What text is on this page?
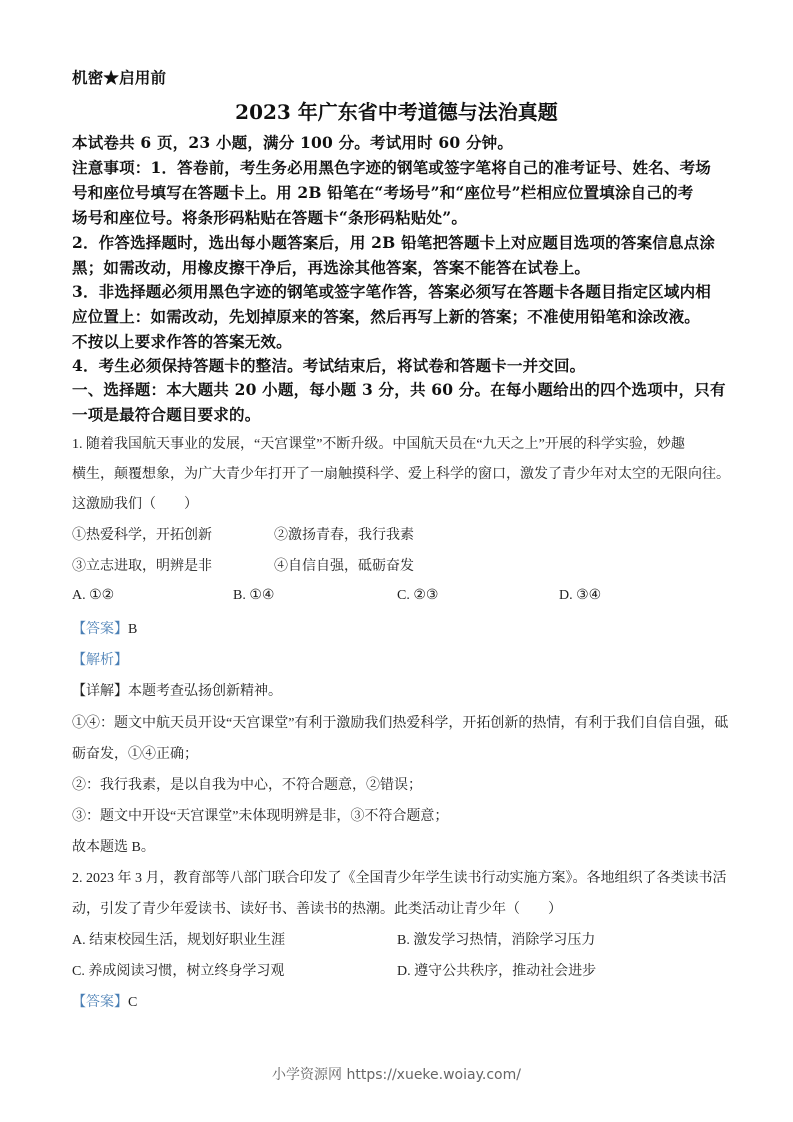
机密★启用前
2023 年广东省中考道德与法治真题
本试卷共 6 页，23 小题，满分 100 分。考试用时 60 分钟。
注意事项：1．答卷前，考生务必用黑色字迹的钢笔或签字笔将自己的准考证号、姓名、考场
号和座位号填写在答题卡上。用 2B 铅笔在“考场号”和“座位号”栏相应位置填涂自己的考
场号和座位号。将条形码粘贴在答题卡“条形码粘贴处”。
2．作答选择题时，选出每小题答案后，用 2B 铅笔把答题卡上对应题目选项的答案信息点涂
黑；如需改动，用橡皮擦干净后，再选涂其他答案，答案不能答在试卷上。
3．非选择题必须用黑色字迹的钢笔或签字笔作答，答案必须写在答题卡各题目指定区域内相
应位置上：如需改动，先划掉原来的答案，然后再写上新的答案；不准使用铅笔和涂改液。
不按以上要求作答的答案无效。
4．考生必须保持答题卡的整洁。考试结束后，将试卷和答题卡一并交回。
一、选择题：本大题共 20 小题，每小题 3 分，共 60 分。在每小题给出的四个选项中，只有
一项是最符合题目要求的。
1. 随着我国航天事业的发展，“天宫课堂”不断升级。中国航天员在“九天之上”开展的科学实验，妙趣
横生，颠覆想象，为广大青少年打开了一扇触摸科学、爱上科学的窗口，激发了青少年对太空的无限向往。
这激励我们（　　）
①热爱科学，开拓创新	②激扬青春，我行我素
③立志进取，明辨是非	④自信自强，砥砺奋发
A. ①②	B. ①④	C. ②③	D. ③④
【答案】B
【解析】
【详解】本题考查弘扬创新精神。
①④：题文中航天员开设“天宫课堂”有利于激励我们热爱科学，开拓创新的热情，有利于我们自信自强，砥
砺奋发，①④正确；
②：我行我素，是以自我为中心，不符合题意，②错误；
③：题文中开设“天宫课堂”未体现明辨是非，③不符合题意；
故本题选 B。
2. 2023 年 3 月，教育部等八部门联合印发了《全国青少年学生读书行动实施方案》。各地组织了各类读书活
动，引发了青少年爱读书、读好书、善读书的热潮。此类活动让青少年（　　）
A. 结束校园生活，规划好职业生涯	B. 激发学习热情，消除学习压力
C. 养成阅读习惯，树立终身学习观	D. 遵守公共秩序，推动社会进步
【答案】C
小学资源网 https://xueke.woiay.com/
